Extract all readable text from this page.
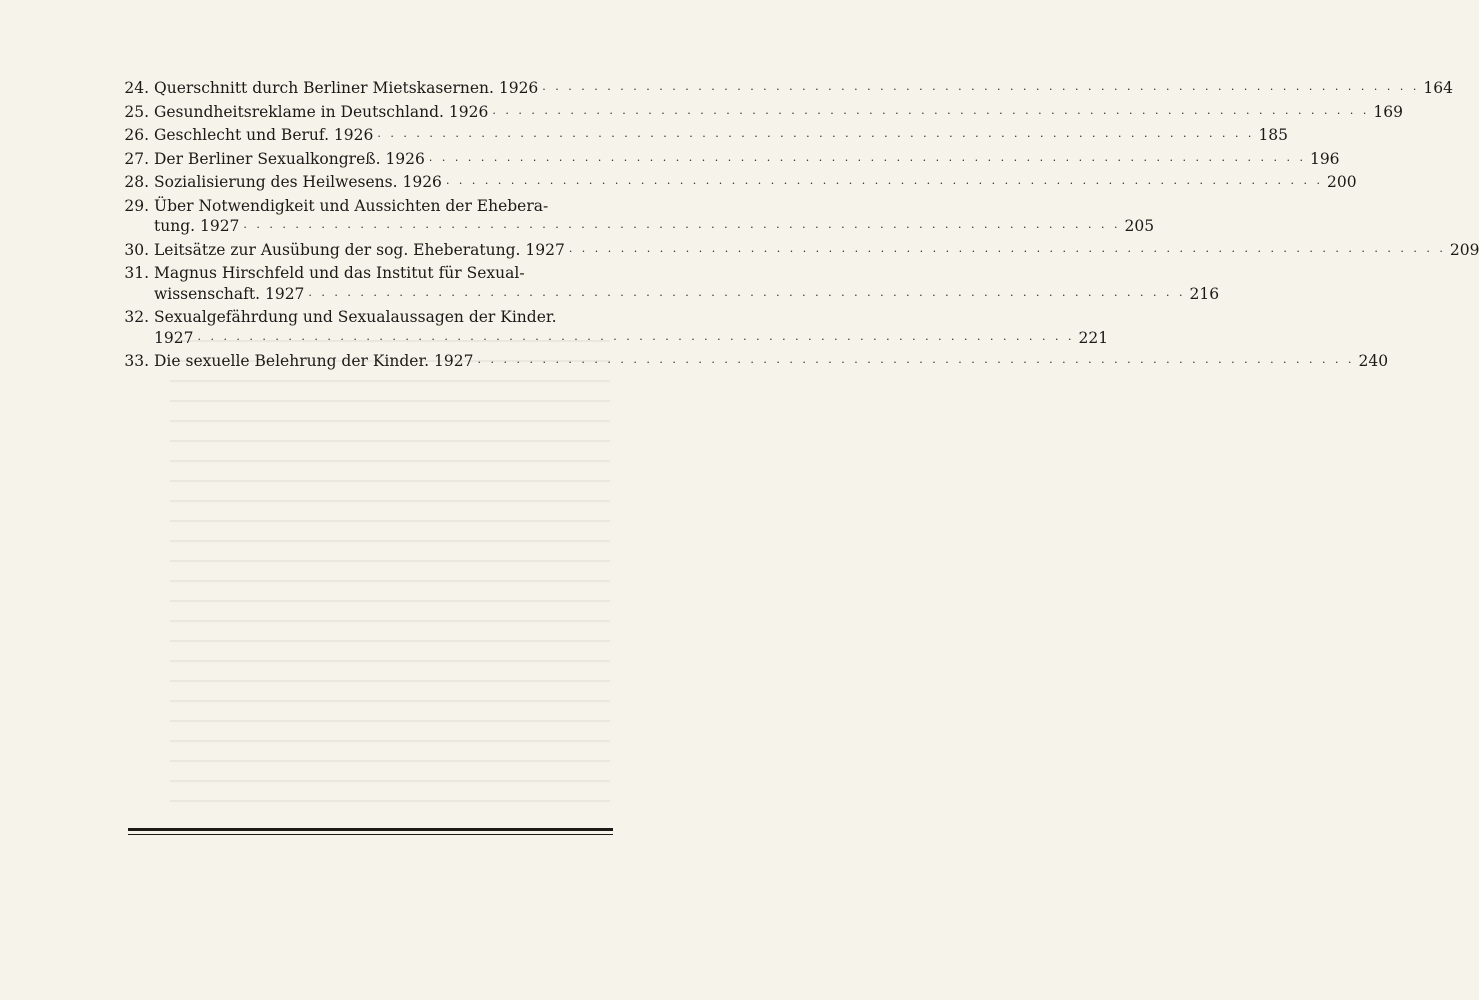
24. Querschnitt durch Berliner Mietskasernen. 1926 · · ·	164
25. Gesundheitsreklame in Deutschland. 1926 · · ·	169
26. Geschlecht und Beruf. 1926 · · ·	185
27. Der Berliner Sexualkongreß. 1926 · · ·	196
28. Sozialisierung des Heilwesens. 1926 · · ·	200
29. Über Notwendigkeit und Aussichten der Ehebera-
tung. 1927 · · ·	205
30. Leitsätze zur Ausübung der sog. Eheberatung. 1927 · · ·	209
31. Magnus Hirschfeld und das Institut für Sexual-
wissenschaft. 1927 · · ·	216
32. Sexualgefährdung und Sexualaussagen der Kinder.
1927 · · ·	221
33. Die sexuelle Belehrung der Kinder. 1927 · · ·	240
